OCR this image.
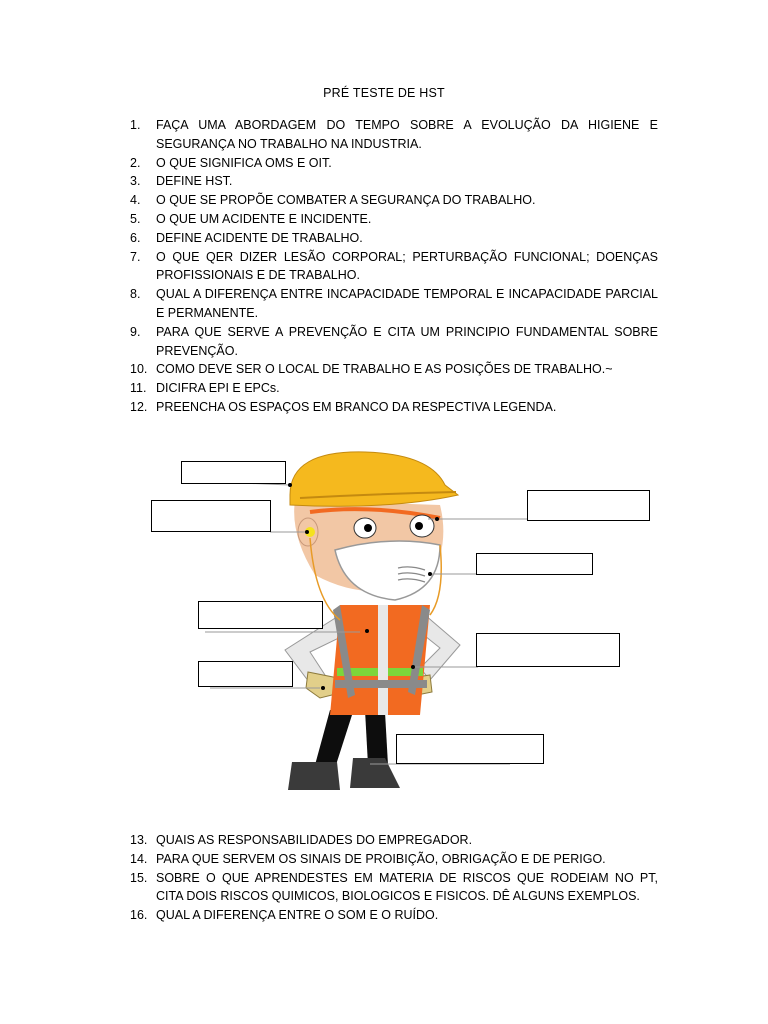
PRÉ TESTE DE HST
1.	FAÇA UMA ABORDAGEM DO TEMPO SOBRE A EVOLUÇÃO DA HIGIENE E SEGURANÇA NO TRABALHO NA INDUSTRIA.
2.	O QUE SIGNIFICA OMS E OIT.
3.	DEFINE HST.
4.	O QUE SE PROPÕE COMBATER A SEGURANÇA DO TRABALHO.
5.	O QUE UM ACIDENTE E INCIDENTE.
6.	DEFINE ACIDENTE DE TRABALHO.
7.	O QUE QER DIZER LESÃO CORPORAL; PERTURBAÇÃO FUNCIONAL; DOENÇAS PROFISSIONAIS E DE TRABALHO.
8.	QUAL A DIFERENÇA ENTRE INCAPACIDADE TEMPORAL E INCAPACIDADE PARCIAL E PERMANENTE.
9.	PARA QUE SERVE A PREVENÇÃO E CITA UM PRINCIPIO FUNDAMENTAL SOBRE PREVENÇÃO.
10. COMO DEVE SER O LOCAL DE TRABALHO E AS POSIÇÕES DE TRABALHO.~
11. DICIFRA EPI E EPCs.
12. PREENCHA OS ESPAÇOS EM BRANCO DA RESPECTIVA LEGENDA.
13. QUAIS AS RESPONSABILIDADES DO EMPREGADOR.
14. PARA QUE SERVEM OS SINAIS DE PROIBIÇÃO, OBRIGAÇÃO E DE PERIGO.
15. SOBRE O QUE APRENDESTES EM MATERIA DE RISCOS QUE RODEIAM NO PT, CITA DOIS RISCOS QUIMICOS, BIOLOGICOS E FISICOS. DÊ ALGUNS EXEMPLOS.
16. QUAL A DIFERENÇA ENTRE O SOM E O RUÍDO.
